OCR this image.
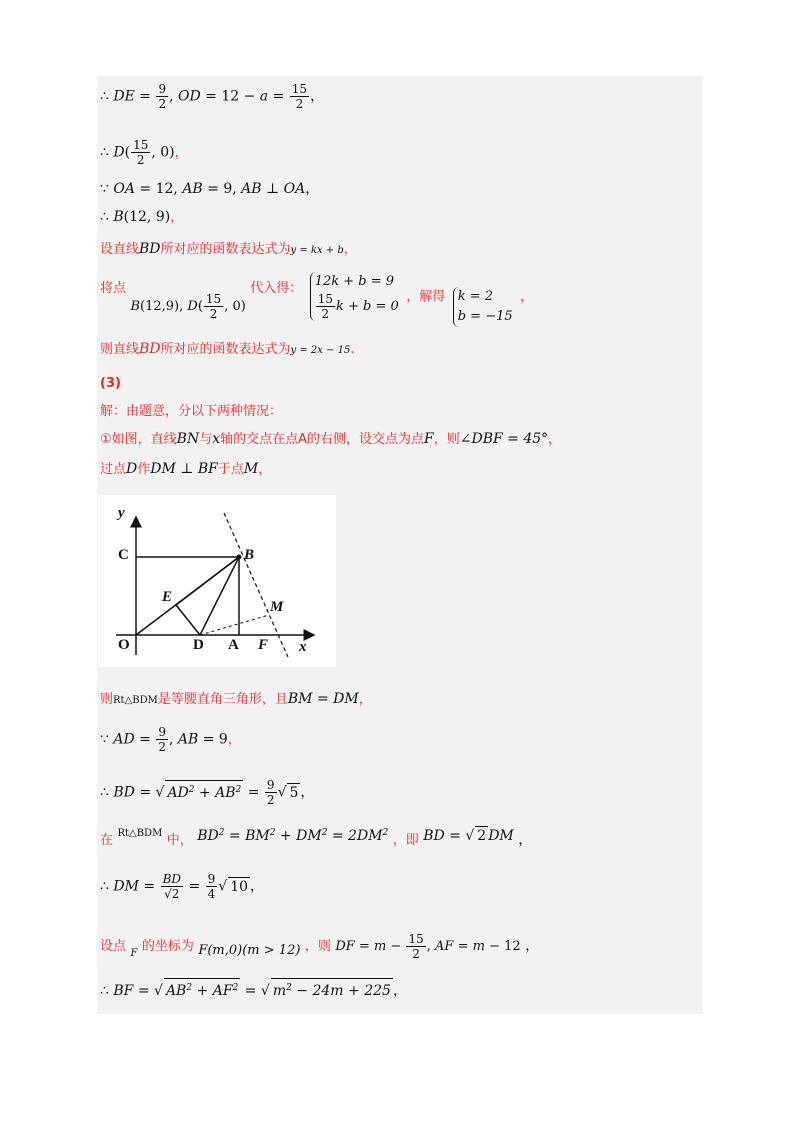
∴ DE = $\frac{9}{2}$ , OD = $12 - a = \frac{15}{2}$ ，
∴ $D( \frac{15}{2}$ , 0)，
∵ OA = 12, AB = 9, AB ⊥ OA，
∴ B(12, 9)，
设直线BD所对应的函数表达式为y = kx + b，
将点 B(12,9), $D( \frac{15}{2}$ , 0) 代入得： 12k + b = 9
$\frac{15}{2}$ k + b = 0
，解得 k = 2
b = −15
，
则直线BD所对应的函数表达式为y = 2x − 15.
(3)
解：由题意，分以下两种情况：
①如图，直线BN与x轴的交点在点A的右侧，设交点为点F，则∠DBF = 45°，
过点D作DM ⊥ BF于点M，
y
x
C	B
E
M
O	D A F
则Rt△BDM是等腰直角三角形，且BM = DM，
∵ AD = $\frac{9}{2}$ , AB = 9，
∴ BD = √ $AD^2 + AB^2 = \frac{9}{2}$ √ 5 ，
在 $^{Rt\triangle BDM}$ 中， $BD^2 = BM^2 + DM^2 = 2DM^2$ ，即 BD = √ 2 DM ，
∴ DM = $\frac{BD}{√2} = \frac{9}{4}$ √ 10 ，
设点 $_F$ 的坐标为 F(m,0)(m > 12) ，则 DF = $m - \frac{15}{2}$ , AF = m − 12 ，
∴ BF = √ $AB^2 + AF^2$ = √ $m^2 - 24m + 225$ ，
